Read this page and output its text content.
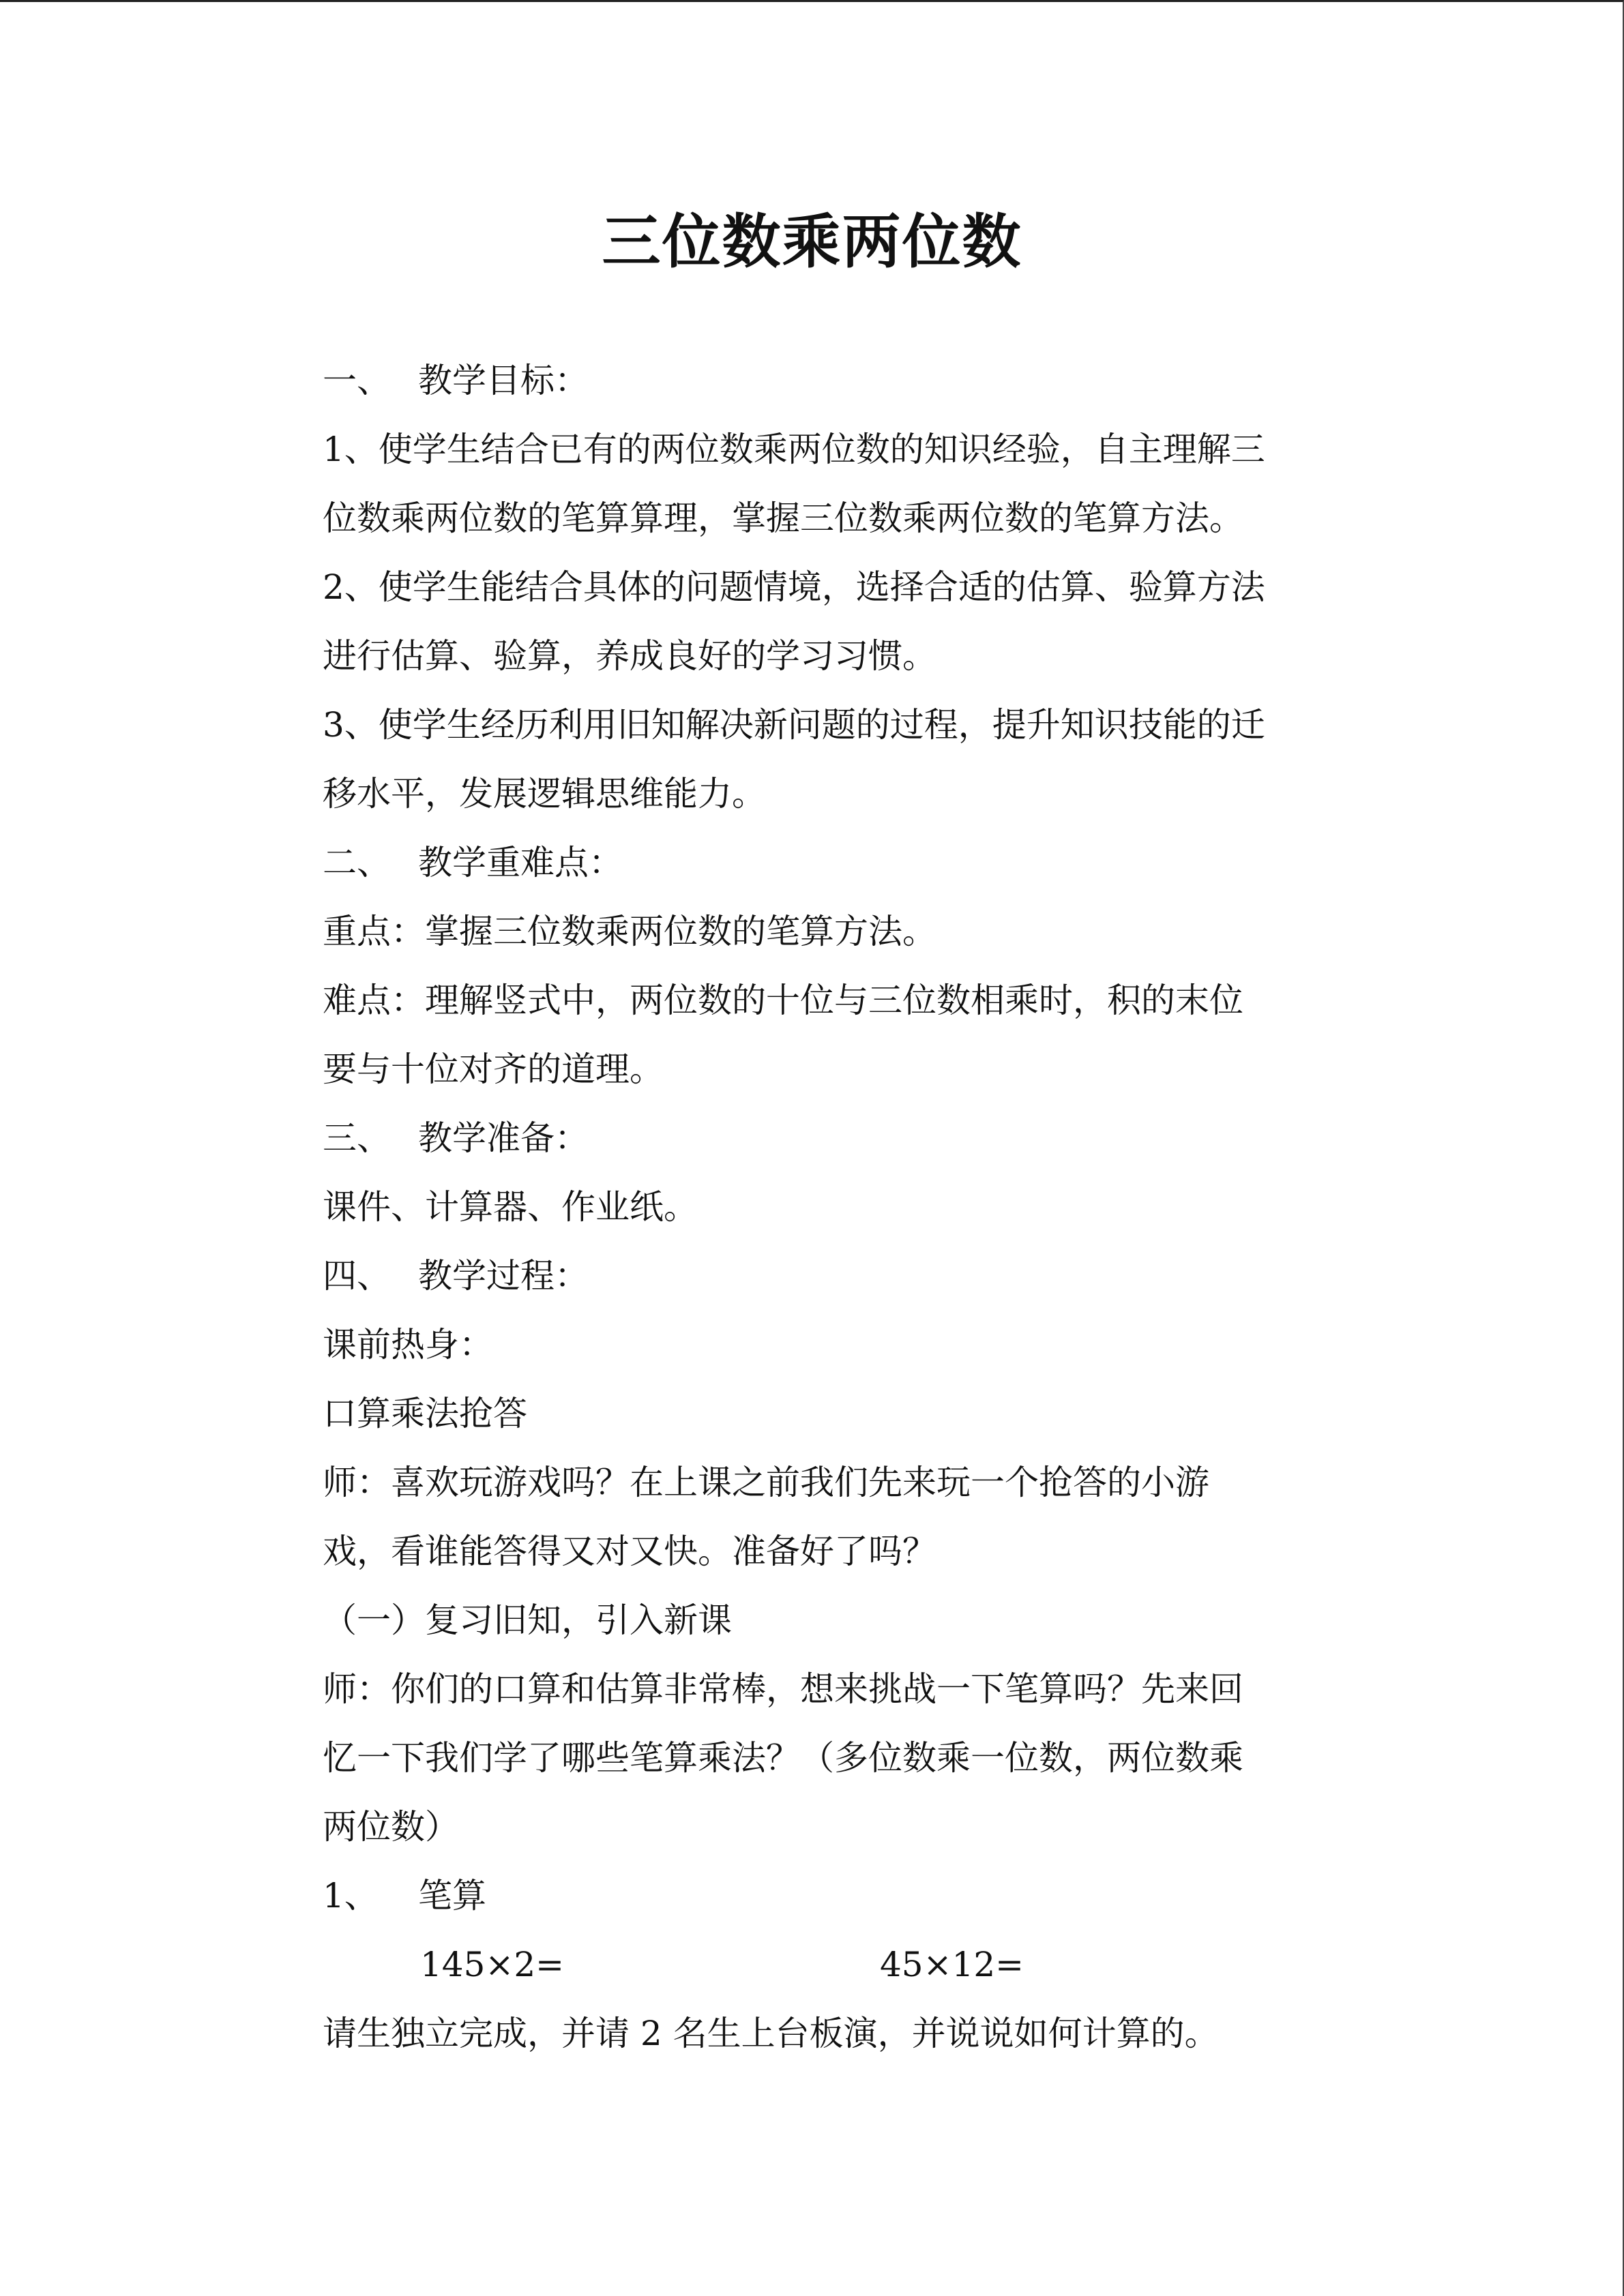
三位数乘两位数

一、 教学目标：

1、使学生结合已有的两位数乘两位数的知识经验，自主理解三

位数乘两位数的笔算算理，掌握三位数乘两位数的笔算方法。

2、使学生能结合具体的问题情境，选择合适的估算、验算方法

进行估算、验算，养成良好的学习习惯。

3、使学生经历利用旧知解决新问题的过程，提升知识技能的迁

移水平，发展逻辑思维能力。

二、 教学重难点：

重点：掌握三位数乘两位数的笔算方法。

难点：理解竖式中，两位数的十位与三位数相乘时，积的末位

要与十位对齐的道理。

三、 教学准备：

课件、计算器、作业纸。

四、 教学过程：

课前热身：

口算乘法抢答

师：喜欢玩游戏吗？在上课之前我们先来玩一个抢答的小游

戏，看谁能答得又对又快。准备好了吗？

（一）复习旧知，引入新课

师：你们的口算和估算非常棒，想来挑战一下笔算吗？先来回

忆一下我们学了哪些笔算乘法？（多位数乘一位数，两位数乘

两位数）

1、 笔算

145×2=	45×12=

请生独立完成，并请 2 名生上台板演，并说说如何计算的。
